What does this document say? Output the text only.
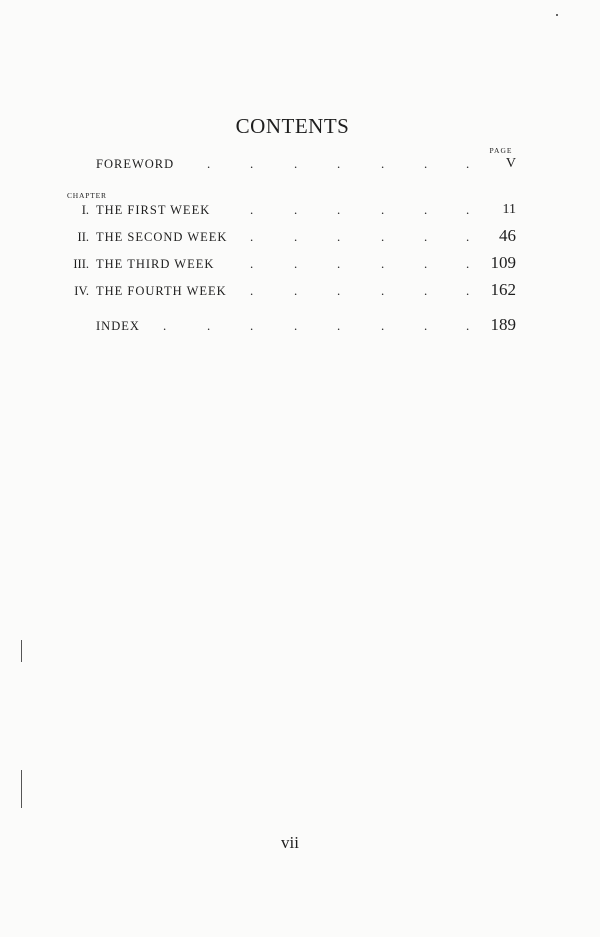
CONTENTS
PAGE
FOREWORD	.	.	.	.	.	.	.	V
CHAPTER
I. THE FIRST WEEK	.	.	.	.	.	.	11
II. THE SECOND WEEK .	.	.	.	.	.	46
III. THE THIRD WEEK	.	.	.	.	.	.	109
IV. THE FOURTH WEEK .	.	.	.	.	.	162
INDEX .	.	.	.	.	.	.	.	189
vii
